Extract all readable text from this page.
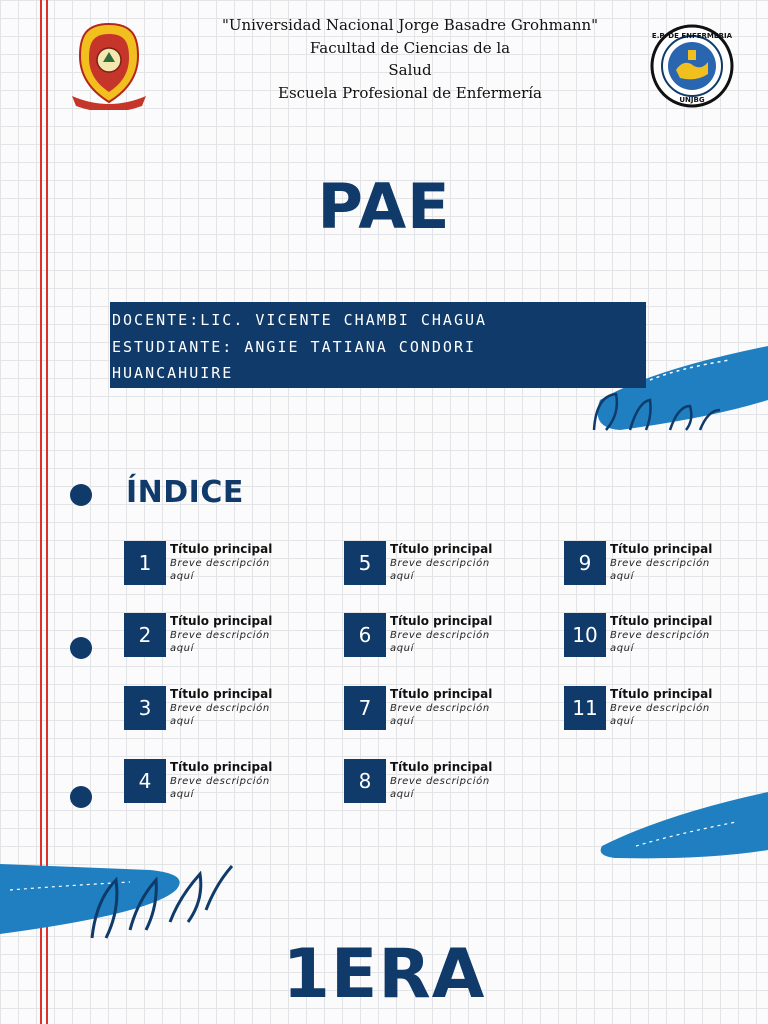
E.P. DE ENFERMERIA
UNJBG
"Universidad Nacional Jorge Basadre Grohmann"
Facultad de Ciencias de la
Salud
Escuela Profesional de Enfermería
PAE
DOCENTE:LIC. VICENTE CHAMBI CHAGUA
ESTUDIANTE: ANGIE TATIANA CONDORI
HUANCAHUIRE
ÍNDICE
1
Título principal
Breve descripción aquí
2
Título principal
Breve descripción aquí
3
Título principal
Breve descripción aquí
4
Título principal
Breve descripción aquí
5
Título principal
Breve descripción aquí
6
Título principal
Breve descripción aquí
7
Título principal
Breve descripción aquí
8
Título principal
Breve descripción aquí
9
Título principal
Breve descripción aquí
10
Título principal
Breve descripción aquí
11
Título principal
Breve descripción aquí
1ERA
